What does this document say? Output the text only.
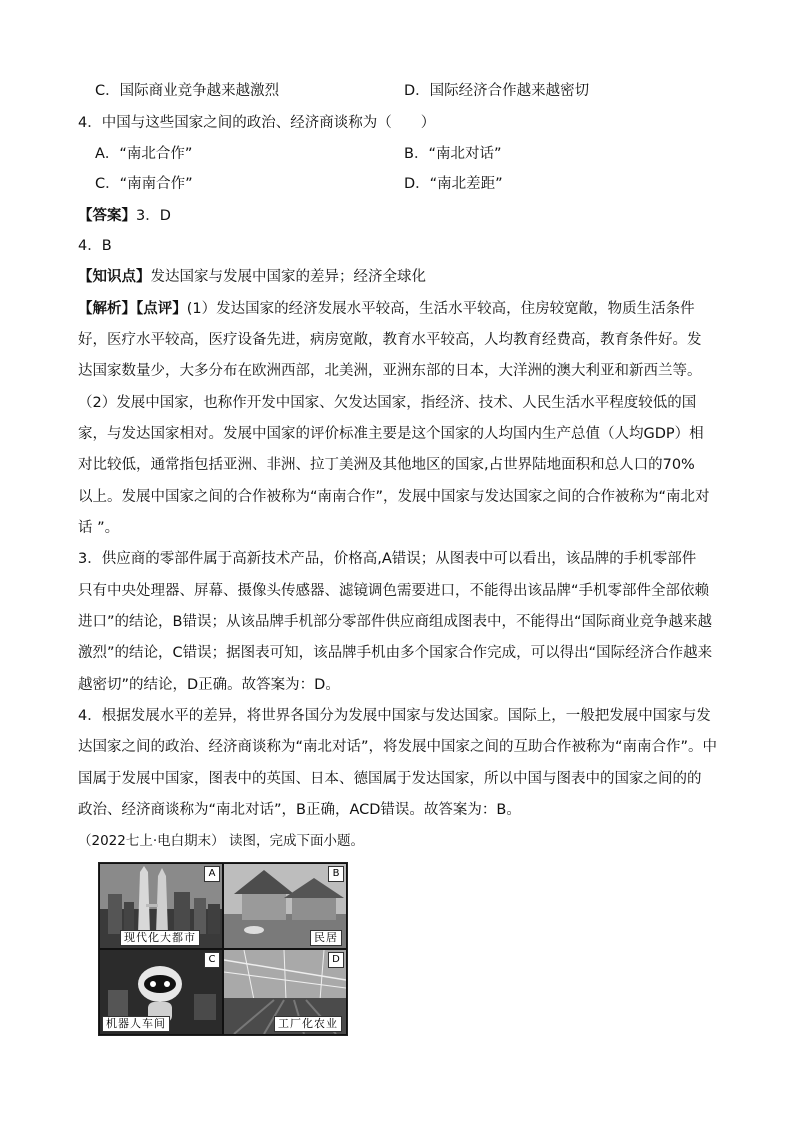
C．国际商业竞争越来越激烈	D．国际经济合作越来越密切
4．中国与这些国家之间的政治、经济商谈称为（　　）
A．“南北合作”	B．“南北对话”
C．“南南合作”	D．“南北差距”
【答案】3．D
4．B
【知识点】发达国家与发展中国家的差异；经济全球化
【解析】【点评】(1）发达国家的经济发展水平较高，生活水平较高，住房较宽敞，物质生活条件
好，医疗水平较高，医疗设备先进，病房宽敞，教育水平较高，人均教育经费高，教育条件好。发
达国家数量少，大多分布在欧洲西部，北美洲，亚洲东部的日本，大洋洲的澳大利亚和新西兰等。
（2）发展中国家，也称作开发中国家、欠发达国家，指经济、技术、人民生活水平程度较低的国
家，与发达国家相对。发展中国家的评价标准主要是这个国家的人均国内生产总值（人均GDP）相
对比较低，通常指包括亚洲、非洲、拉丁美洲及其他地区的国家,占世界陆地面积和总人口的70%
以上。发展中国家之间的合作被称为“南南合作”，发展中国家与发达国家之间的合作被称为“南北对
话 ”。
3．供应商的零部件属于高新技术产品，价格高,A错误；从图表中可以看出，该品牌的手机零部件
只有中央处理器、屏幕、摄像头传感器、滤镜调色需要进口，不能得出该品牌“手机零部件全部依赖
进口”的结论，B错误；从该品牌手机部分零部件供应商组成图表中，不能得出“国际商业竞争越来越
激烈”的结论，C错误；据图表可知，该品牌手机由多个国家合作完成，可以得出“国际经济合作越来
越密切”的结论，D正确。故答案为：D。
4．根据发展水平的差异，将世界各国分为发展中国家与发达国家。国际上，一般把发展中国家与发
达国家之间的政治、经济商谈称为“南北对话”，将发展中国家之间的互助合作被称为“南南合作”。中
国属于发展中国家，图表中的英国、日本、德国属于发达国家，所以中国与图表中的国家之间的的
政治、经济商谈称为“南北对话”，B正确，ACD错误。故答案为：B。
（2022七上·电白期末） 读图，完成下面小题。
A
现代化大都市
B
民居
C
机器人车间
D
工厂化农业
